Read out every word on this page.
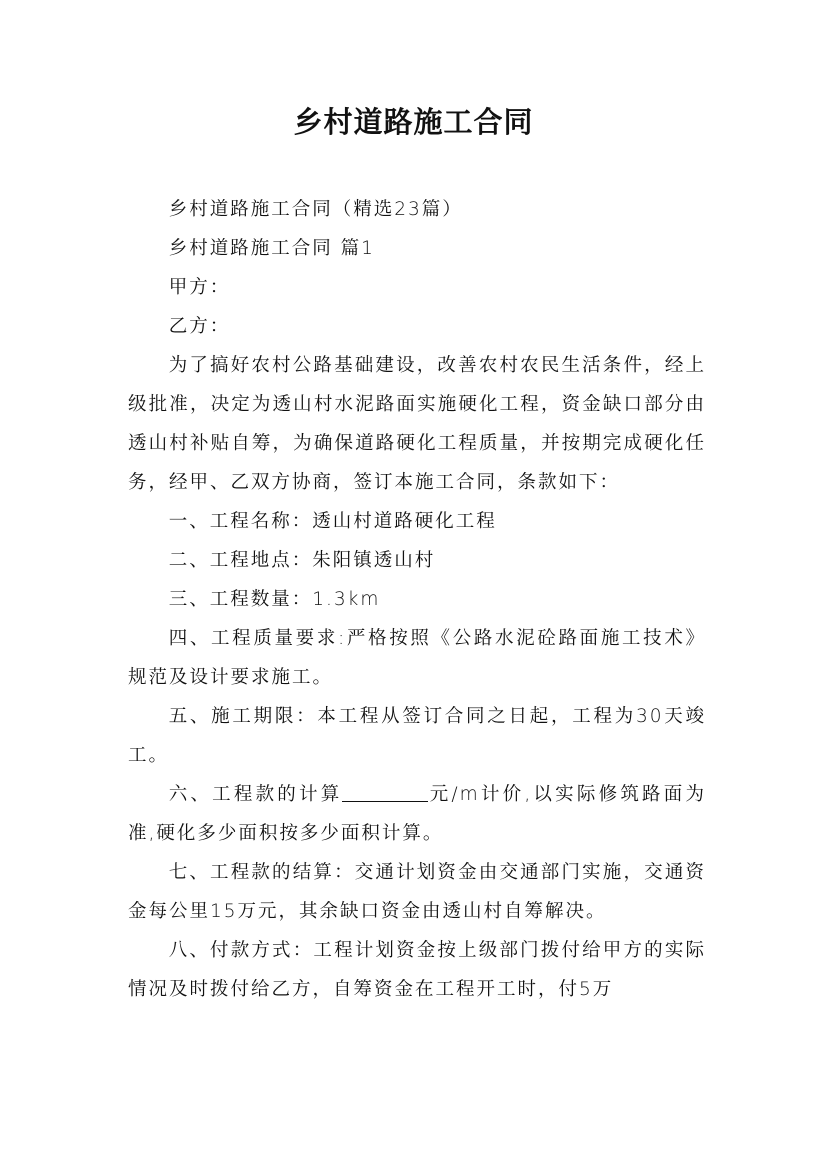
乡村道路施工合同

乡村道路施工合同（精选23篇）

乡村道路施工合同 篇1

甲方：

乙方：

为了搞好农村公路基础建设，改善农村农民生活条件，经上级批准，决定为透山村水泥路面实施硬化工程，资金缺口部分由透山村补贴自筹，为确保道路硬化工程质量，并按期完成硬化任务，经甲、乙双方协商，签订本施工合同，条款如下：

一、工程名称：透山村道路硬化工程

二、工程地点：朱阳镇透山村

三、工程数量：1.3km

四、工程质量要求:严格按照《公路水泥砼路面施工技术》规范及设计要求施工。

五、施工期限：本工程从签订合同之日起，工程为30天竣工。

六、工程款的计算	元/m计价,以实际修筑路面为准,硬化多少面积按多少面积计算。

七、工程款的结算：交通计划资金由交通部门实施，交通资金每公里15万元，其余缺口资金由透山村自筹解决。

八、付款方式：工程计划资金按上级部门拨付给甲方的实际情况及时拨付给乙方，自筹资金在工程开工时，付5万
